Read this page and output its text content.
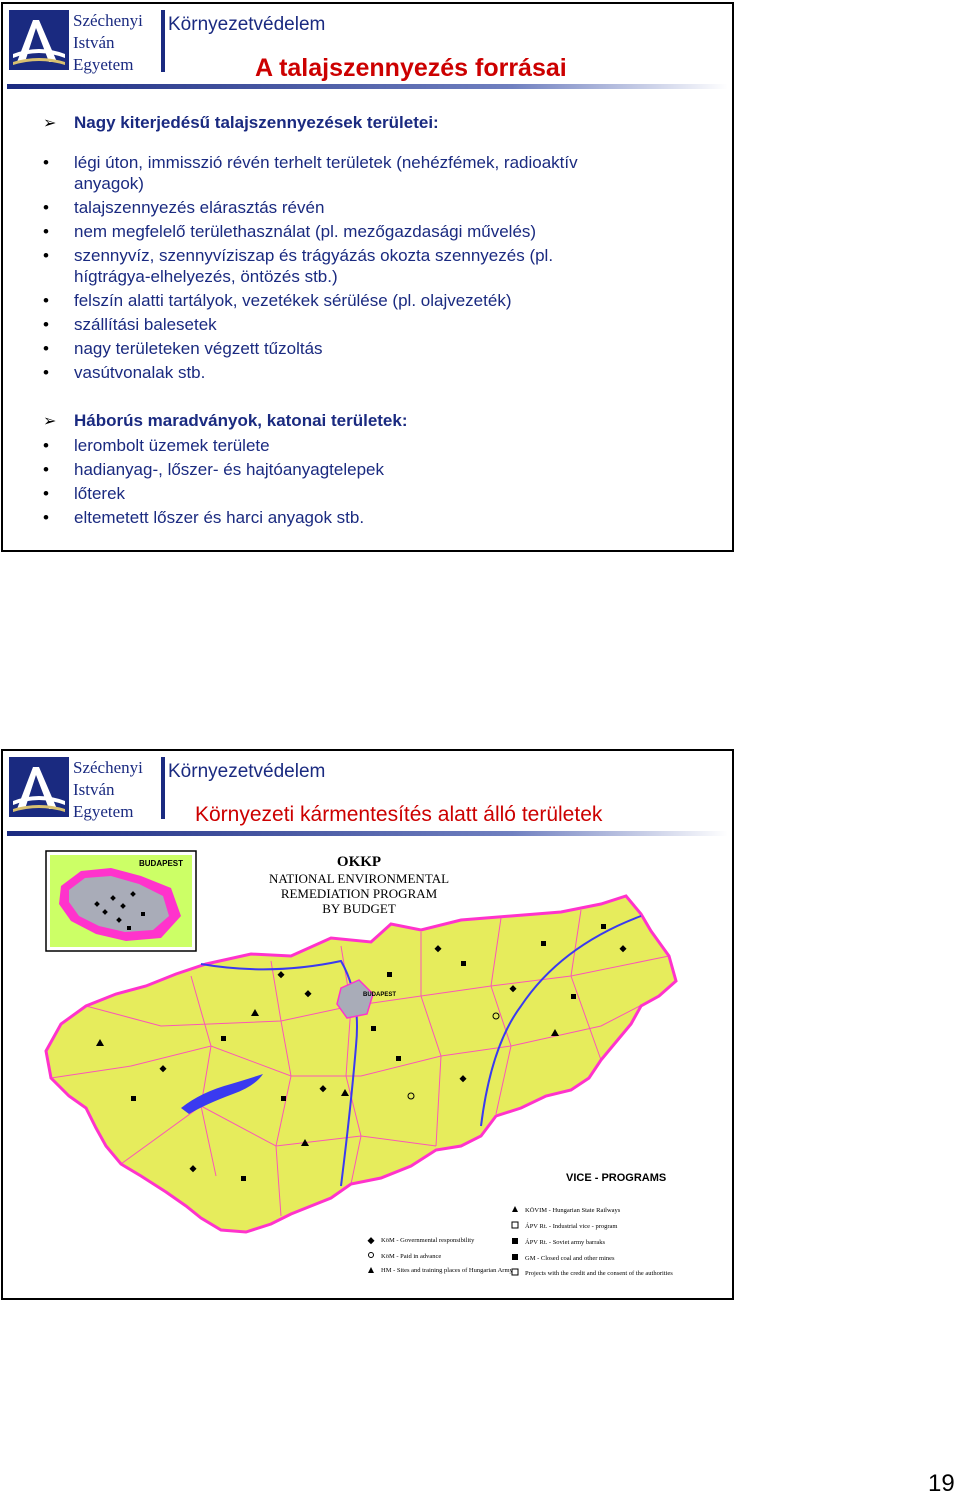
Széchenyi
István
Egyetem
Környezetvédelem
A talajszennyezés forrásai
➢ Nagy kiterjedésű talajszennyezések területei:
• légi úton, immisszió révén terhelt területek (nehézfémek, radioaktív
anyagok)
• talajszennyezés elárasztás révén
• nem megfelelő területhasználat (pl. mezőgazdasági művelés)
• szennyvíz, szennyvíziszap és trágyázás okozta szennyezés (pl.
hígtrágya-elhelyezés, öntözés stb.)
• felszín alatti tartályok, vezetékek sérülése (pl. olajvezeték)
• szállítási balesetek
• nagy területeken végzett tűzoltás
• vasútvonalak stb.
➢ Háborús maradványok, katonai területek:
• lerombolt üzemek területe
• hadianyag-, lőszer- és hajtóanyagtelepek
• lőterek
• eltemetett lőszer és harci anyagok stb.
Széchenyi
István
Egyetem
Környezetvédelem
Környezeti kármentesítés alatt álló területek
BUDAPEST
BUDAPEST	OKKP
NATIONAL ENVIRONMENTAL
REMEDIATION PROGRAM
BY BUDGET
VICE - PROGRAMS
KöM - Governmental responsibility
KöM - Paid in advance
HM - Sites and training places of Hungarian Army
KÖVIM - Hungarian State Railways
ÁPV Rt. - Industrial vice - program
ÁPV Rt. - Soviet army barraks
GM - Closed coal and other mines
Projects with the credit and the consent of the authorities
19
